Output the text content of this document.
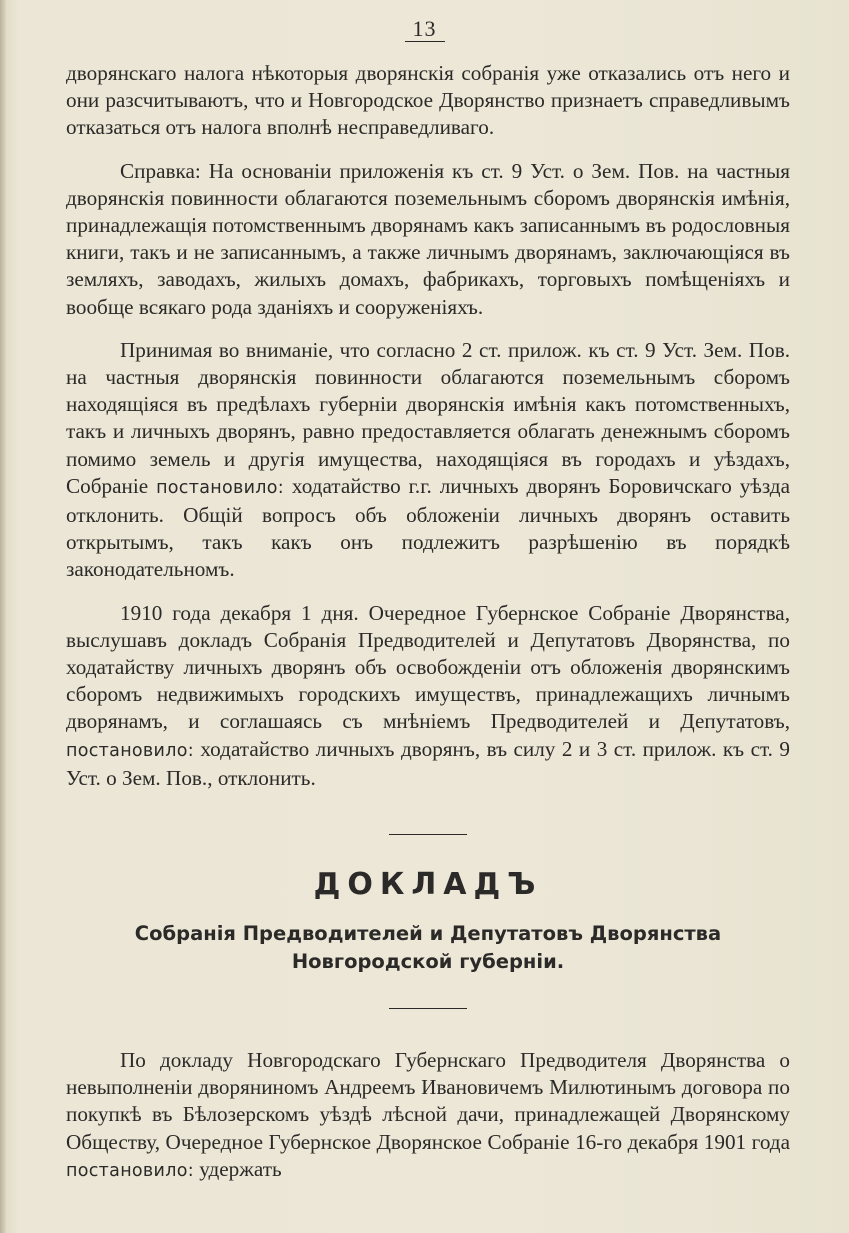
13

дворянскаго налога нѣкоторыя дворянскія собранія уже отказались отъ него и они разсчитываютъ, что и Новгородское Дворянство признаетъ справедливымъ отказаться отъ налога вполнѣ несправедливаго.

Справка: На основаніи приложенія къ ст. 9 Уст. о Зем. Пов. на частныя дворянскія повинности облагаются поземельнымъ сборомъ дворянскія имѣнія, принадлежащія потомственнымъ дворянамъ какъ записаннымъ въ родословныя книги, такъ и не записаннымъ, а также личнымъ дворянамъ, заключающіяся въ земляхъ, заводахъ, жилыхъ домахъ, фабрикахъ, торговыхъ помѣщеніяхъ и вообще всякаго рода зданіяхъ и сооруженіяхъ.

Принимая во вниманіе, что согласно 2 ст. прилож. къ ст. 9 Уст. Зем. Пов. на частныя дворянскія повинности облагаются поземельнымъ сборомъ находящіяся въ предѣлахъ губерніи дворянскія имѣнія какъ потомственныхъ, такъ и личныхъ дворянъ, равно предоставляется облагать денежнымъ сборомъ помимо земель и другія имущества, находящіяся въ городахъ и уѣздахъ, Собраніе постановило: ходатайство г.г. личныхъ дворянъ Боровичскаго уѣзда отклонить. Общій вопросъ объ обложеніи личныхъ дворянъ оставить открытымъ, такъ какъ онъ подлежитъ разрѣшенію въ порядкѣ законодательномъ.

1910 года декабря 1 дня. Очередное Губернское Собраніе Дворянства, выслушавъ докладъ Собранія Предводителей и Депутатовъ Дворянства, по ходатайству личныхъ дворянъ объ освобожденіи отъ обложенія дворянскимъ сборомъ недвижимыхъ городскихъ имуществъ, принадлежащихъ личнымъ дворянамъ, и соглашаясь съ мнѣніемъ Предводителей и Депутатовъ, постановило: ходатайство личныхъ дворянъ, въ силу 2 и 3 ст. прилож. къ ст. 9 Уст. о Зем. Пов., отклонить.

ДОКЛАДЪ
Собранія Предводителей и Депутатовъ Дворянства Новгородской губерніи.

По докладу Новгородскаго Губернскаго Предводителя Дворянства о невыполненіи дворяниномъ Андреемъ Ивановичемъ Милютинымъ договора по покупкѣ въ Бѣлозерскомъ уѣздѣ лѣсной дачи, принадлежащей Дворянскому Обществу, Очередное Губернское Дворянское Собраніе 16-го декабря 1901 года постановило: удержать
